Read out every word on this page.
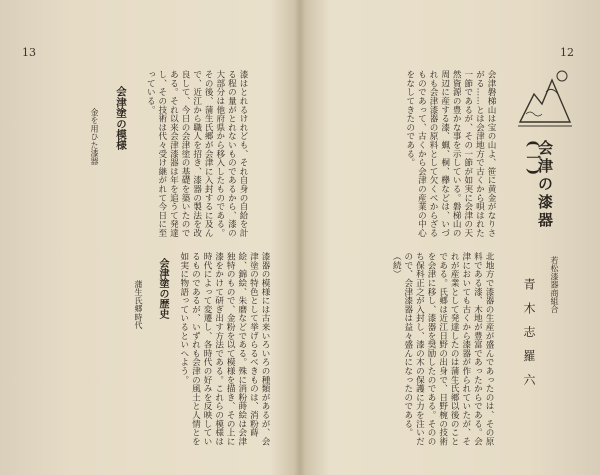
13
漆はとれるけれども、それ自身の自給を計る程の量がとれないものであるから、漆の大部分は他府県から移入したものである。その後、蒲生氏郷が会津に入封するに及んで、近江から職人を招き、漆器の製法を改良して、今日の会津塗の基礎を築いたのである。それ以来会津漆器は年を追うて発達し、その技術は代々受け継がれて今日に至っている。
会津塗の模様
金を用ひた漆器
漆器の模様には古来いろいろの種類があるが、会津塗の特色として挙げらるべきものは、消粉蒔絵、錦絵、朱磨などである。殊に消粉蒔絵は会津独特のもので、金粉を以て模様を描き、その上に漆をかけて研ぎ出す方法である。これらの模様は時代によって変遷し、各時代の好みを反映しているものであるが、いずれも会津の風土と人情とを如実に物語っているといへよう。
会津塗の歴史
蒲生氏郷時代
12
会津の漆器(一)
若松漆器商組合
青 木 志 羅 六
会津磐梯山は宝の山よ、笹に黄金がなりさがる……とは会津地方で古くから唄はれた一節であるが、その一節が如実に会津の天然資源の豊かな事を示している。磐梯山の周辺に産する漆、蝋、桐、欅などは、いづれも会津漆器の原料として欠くべからざるものであって、古くから会津の産業の中心をなしてきたのである。
北地方で漆器の生産が盛んであったのは、その原料である漆、木地が豊富であったからである。会津においても古くから漆器が作られていたが、それが産業として発達したのは蒲生氏郷以後のことである。氏郷は近江日野の出身で、日野椀の技術を会津に移し、漆器を奨励したのである。そののち保科正之が入封し、漆の木の保護に力を注いだので、会津漆器は益々盛んになったのである。（続）
